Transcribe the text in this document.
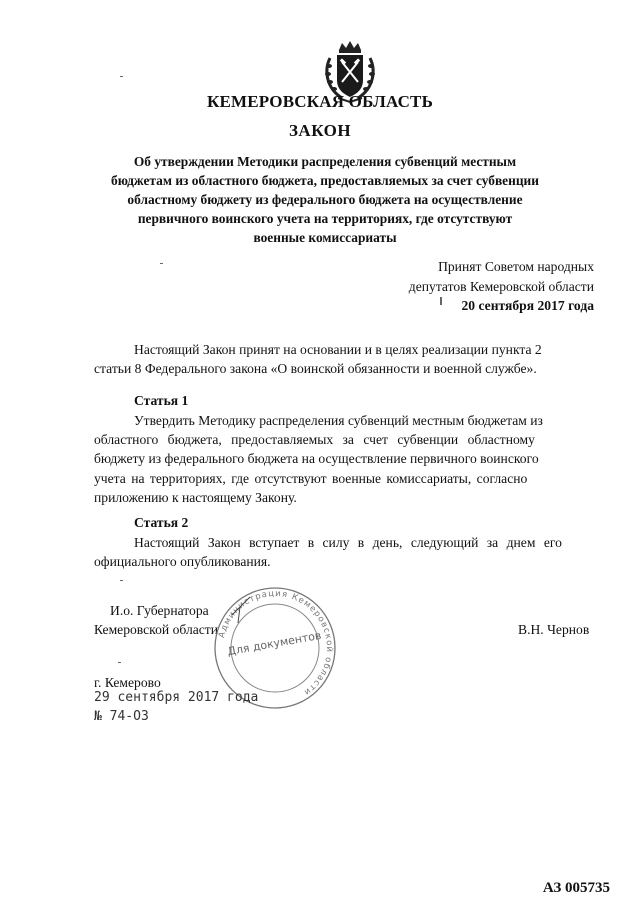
КЕМЕРОВСКАЯ ОБЛАСТЬ
ЗАКОН
Об утверждении Методики распределения субвенций местным
бюджетам из областного бюджета, предоставляемых за счет субвенции
областному бюджету из федерального бюджета на осуществление
первичного воинского учета на территориях, где отсутствуют
военные комиссариаты
Принят Советом народных
депутатов Кемеровской области
20 сентября 2017 года
Настоящий Закон принят на основании и в целях реализации пункта 2
статьи 8 Федерального закона «О воинской обязанности и военной службе».
Статья 1
Утвердить Методику распределения субвенций местным бюджетам из
областного бюджета, предоставляемых за счет субвенции областному
бюджету из федерального бюджета на осуществление первичного воинского
учета на территориях, где отсутствуют военные комиссариаты, согласно
приложению к настоящему Закону.
Статья 2
Настоящий Закон вступает в силу в день, следующий за днем его
официального опубликования.
И.о. Губернатора
Кемеровской области	В.Н. Чернов
Администрация Кемеровской области
Для документов
г. Кемерово
29 сентября 2017 года
№ 74-ОЗ
АЗ 005735
